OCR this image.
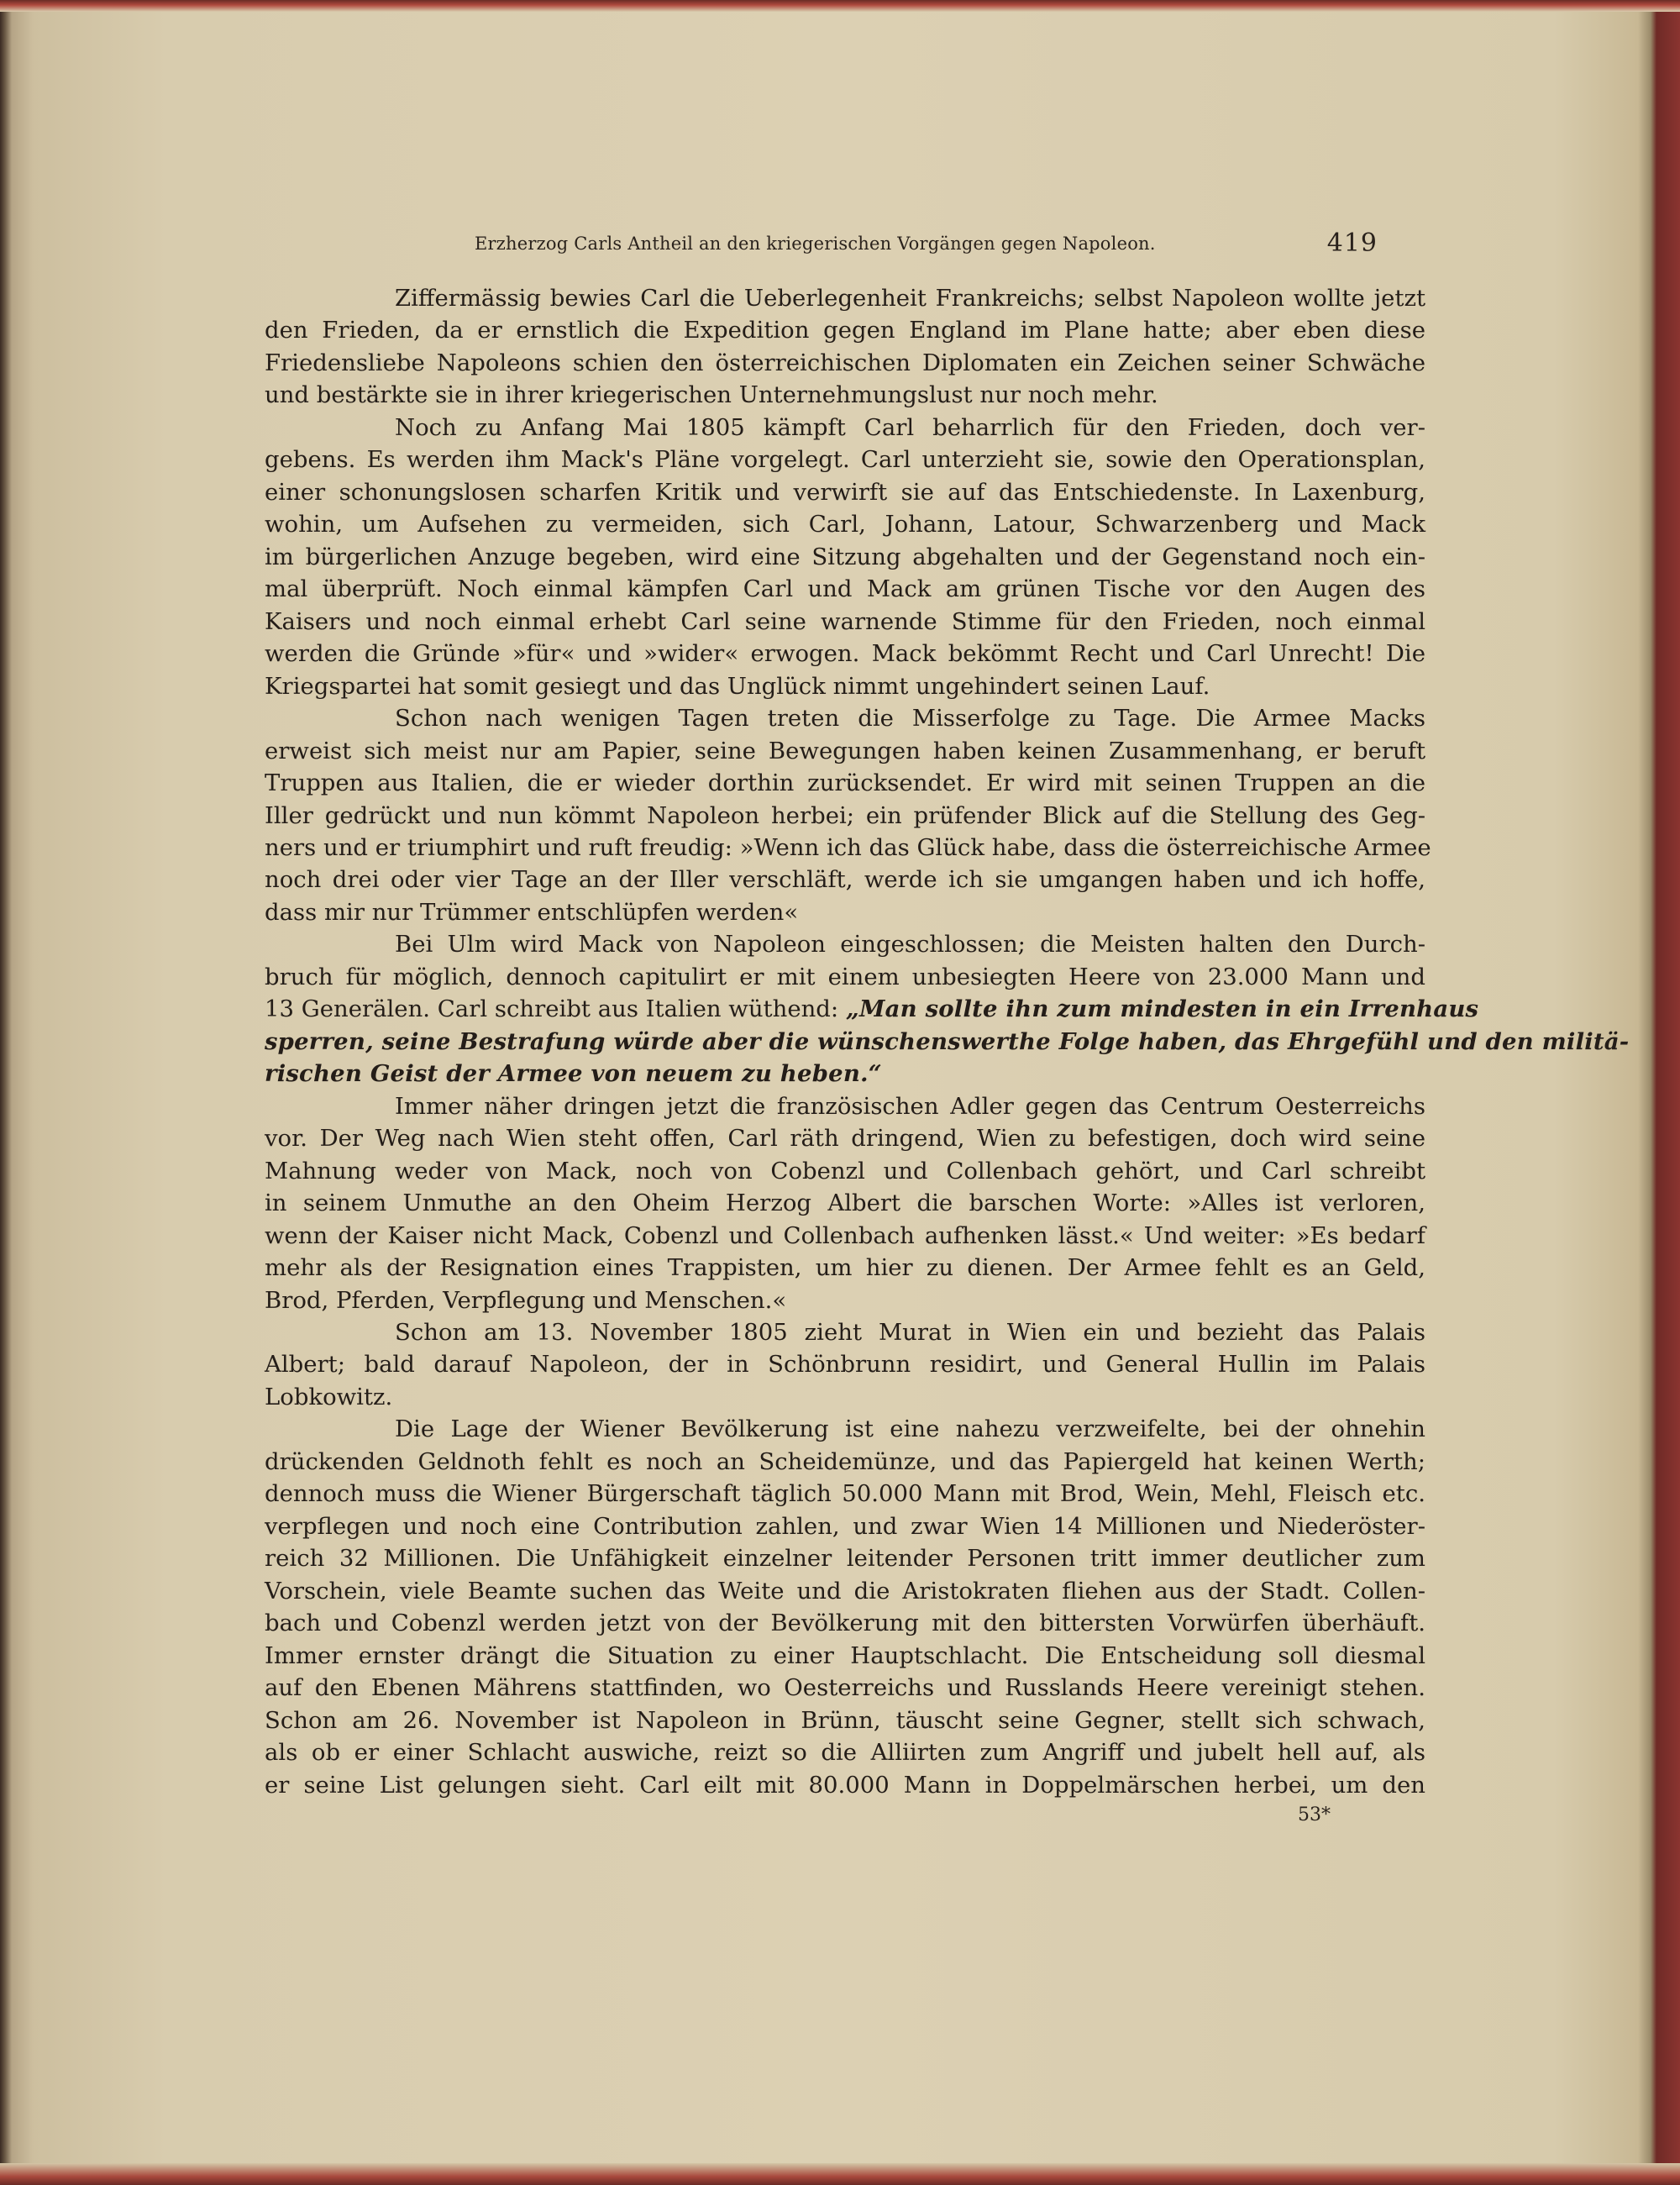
Erzherzog Carls Antheil an den kriegerischen Vorgängen gegen Napoleon.	419
Ziffermässig bewies Carl die Ueberlegenheit Frankreichs; selbst Napoleon wollte jetzt
den Frieden, da er ernstlich die Expedition gegen England im Plane hatte; aber eben diese
Friedensliebe Napoleons schien den österreichischen Diplomaten ein Zeichen seiner Schwäche
und bestärkte sie in ihrer kriegerischen Unternehmungslust nur noch mehr.
Noch zu Anfang Mai 1805 kämpft Carl beharrlich für den Frieden, doch ver-
gebens. Es werden ihm Mack's Pläne vorgelegt. Carl unterzieht sie, sowie den Operationsplan,
einer schonungslosen scharfen Kritik und verwirft sie auf das Entschiedenste. In Laxenburg,
wohin, um Aufsehen zu vermeiden, sich Carl, Johann, Latour, Schwarzenberg und Mack
im bürgerlichen Anzuge begeben, wird eine Sitzung abgehalten und der Gegenstand noch ein-
mal überprüft. Noch einmal kämpfen Carl und Mack am grünen Tische vor den Augen des
Kaisers und noch einmal erhebt Carl seine warnende Stimme für den Frieden, noch einmal
werden die Gründe »für« und »wider« erwogen. Mack bekömmt Recht und Carl Unrecht! Die
Kriegspartei hat somit gesiegt und das Unglück nimmt ungehindert seinen Lauf.
Schon nach wenigen Tagen treten die Misserfolge zu Tage. Die Armee Macks
erweist sich meist nur am Papier, seine Bewegungen haben keinen Zusammenhang, er beruft
Truppen aus Italien, die er wieder dorthin zurücksendet. Er wird mit seinen Truppen an die
Iller gedrückt und nun kömmt Napoleon herbei; ein prüfender Blick auf die Stellung des Geg-
ners und er triumphirt und ruft freudig: »Wenn ich das Glück habe, dass die österreichische Armee
noch drei oder vier Tage an der Iller verschläft, werde ich sie umgangen haben und ich hoffe,
dass mir nur Trümmer entschlüpfen werden«
Bei Ulm wird Mack von Napoleon eingeschlossen; die Meisten halten den Durch-
bruch für möglich, dennoch capitulirt er mit einem unbesiegten Heere von 23.000 Mann und
13 Generälen. Carl schreibt aus Italien wüthend: „Man sollte ihn zum mindesten in ein Irrenhaus
sperren, seine Bestrafung würde aber die wünschenswerthe Folge haben, das Ehrgefühl und den militä-
rischen Geist der Armee von neuem zu heben.“
Immer näher dringen jetzt die französischen Adler gegen das Centrum Oesterreichs
vor. Der Weg nach Wien steht offen, Carl räth dringend, Wien zu befestigen, doch wird seine
Mahnung weder von Mack, noch von Cobenzl und Collenbach gehört, und Carl schreibt
in seinem Unmuthe an den Oheim Herzog Albert die barschen Worte: »Alles ist verloren,
wenn der Kaiser nicht Mack, Cobenzl und Collenbach aufhenken lässt.« Und weiter: »Es bedarf
mehr als der Resignation eines Trappisten, um hier zu dienen. Der Armee fehlt es an Geld,
Brod, Pferden, Verpflegung und Menschen.«
Schon am 13. November 1805 zieht Murat in Wien ein und bezieht das Palais
Albert; bald darauf Napoleon, der in Schönbrunn residirt, und General Hullin im Palais
Lobkowitz.
Die Lage der Wiener Bevölkerung ist eine nahezu verzweifelte, bei der ohnehin
drückenden Geldnoth fehlt es noch an Scheidemünze, und das Papiergeld hat keinen Werth;
dennoch muss die Wiener Bürgerschaft täglich 50.000 Mann mit Brod, Wein, Mehl, Fleisch etc.
verpflegen und noch eine Contribution zahlen, und zwar Wien 14 Millionen und Niederöster-
reich 32 Millionen. Die Unfähigkeit einzelner leitender Personen tritt immer deutlicher zum
Vorschein, viele Beamte suchen das Weite und die Aristokraten fliehen aus der Stadt. Collen-
bach und Cobenzl werden jetzt von der Bevölkerung mit den bittersten Vorwürfen überhäuft.
Immer ernster drängt die Situation zu einer Hauptschlacht. Die Entscheidung soll diesmal
auf den Ebenen Mährens stattfinden, wo Oesterreichs und Russlands Heere vereinigt stehen.
Schon am 26. November ist Napoleon in Brünn, täuscht seine Gegner, stellt sich schwach,
als ob er einer Schlacht auswiche, reizt so die Alliirten zum Angriff und jubelt hell auf, als
er seine List gelungen sieht. Carl eilt mit 80.000 Mann in Doppelmärschen herbei, um den
53*
